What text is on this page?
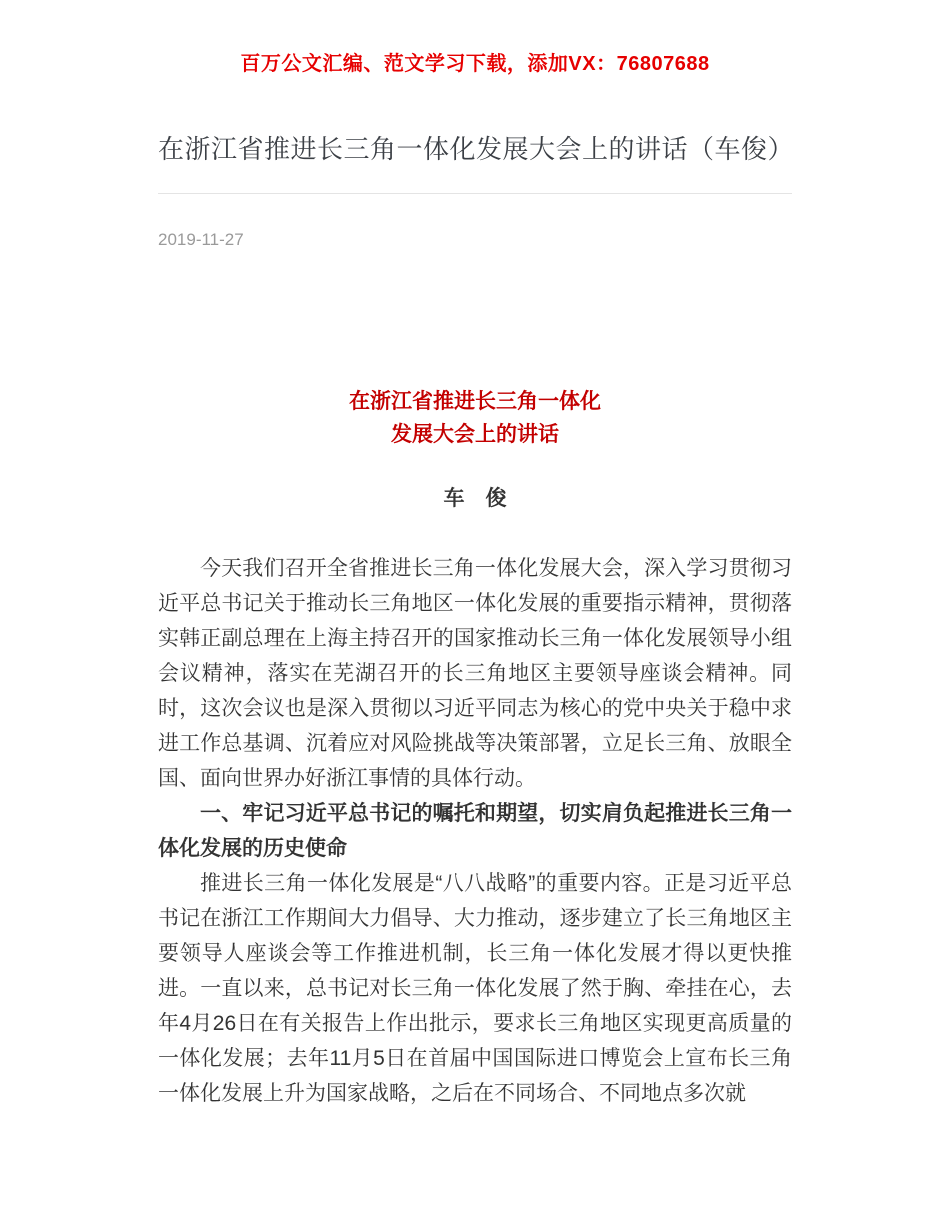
百万公文汇编、范文学习下载，添加VX：76807688
在浙江省推进长三角一体化发展大会上的讲话（车俊）
2019-11-27
在浙江省推进长三角一体化
发展大会上的讲话
车　俊

今天我们召开全省推进长三角一体化发展大会，深入学习贯彻习近平总书记关于推动长三角地区一体化发展的重要指示精神，贯彻落实韩正副总理在上海主持召开的国家推动长三角一体化发展领导小组会议精神，落实在芜湖召开的长三角地区主要领导座谈会精神。同时，这次会议也是深入贯彻以习近平同志为核心的党中央关于稳中求进工作总基调、沉着应对风险挑战等决策部署，立足长三角、放眼全国、面向世界办好浙江事情的具体行动。

一、牢记习近平总书记的嘱托和期望，切实肩负起推进长三角一体化发展的历史使命

推进长三角一体化发展是“八八战略”的重要内容。正是习近平总书记在浙江工作期间大力倡导、大力推动，逐步建立了长三角地区主要领导人座谈会等工作推进机制，长三角一体化发展才得以更快推进。一直以来，总书记对长三角一体化发展了然于胸、牵挂在心，去年4月26日在有关报告上作出批示，要求长三角地区实现更高质量的一体化发展；去年11月5日在首届中国国际进口博览会上宣布长三角一体化发展上升为国家战略，之后在不同场合、不同地点多次就
